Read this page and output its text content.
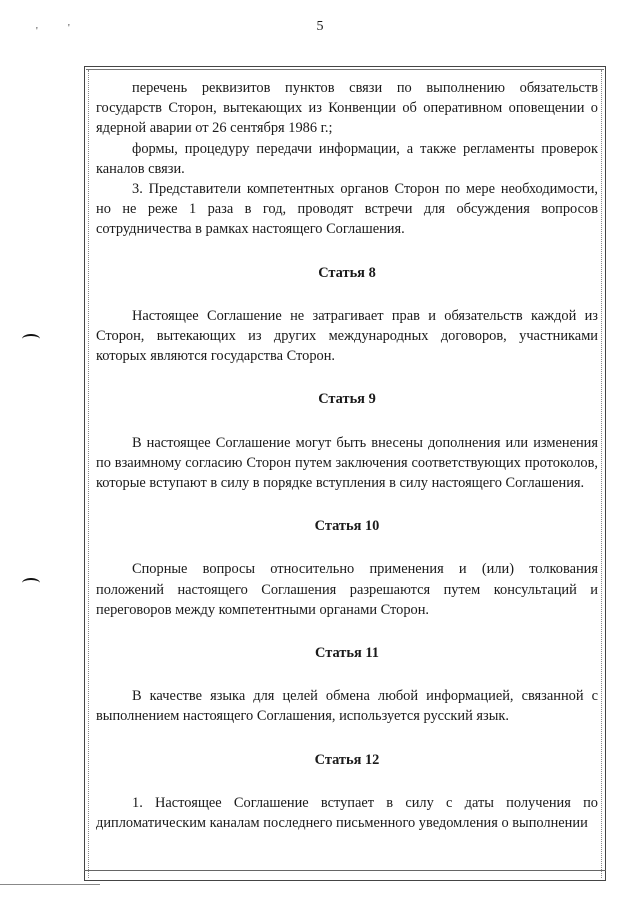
5
'	'

перечень реквизитов пунктов связи по выполнению обязательств государств Сторон, вытекающих из Конвенции об оперативном оповещении о ядерной аварии от 26 сентября 1986 г.;

формы, процедуру передачи информации, а также регламенты проверок каналов связи.

3. Представители компетентных органов Сторон по мере необходимости, но не реже 1 раза в год, проводят встречи для обсуждения вопросов сотрудничества в рамках настоящего Соглашения.

Статья 8

Настоящее Соглашение не затрагивает прав и обязательств каждой из Сторон, вытекающих из других международных договоров, участниками которых являются государства Сторон.

Статья 9

В настоящее Соглашение могут быть внесены дополнения или изменения по взаимному согласию Сторон путем заключения соответствующих протоколов, которые вступают в силу в порядке вступления в силу настоящего Соглашения.

Статья 10

Спорные вопросы относительно применения и (или) толкования положений настоящего Соглашения разрешаются путем консультаций и переговоров между компетентными органами Сторон.

Статья 11

В качестве языка для целей обмена любой информацией, связанной с выполнением настоящего Соглашения, используется русский язык.

Статья 12

1. Настоящее Соглашение вступает в силу с даты получения по дипломатическим каналам последнего письменного уведомления о выполнении
